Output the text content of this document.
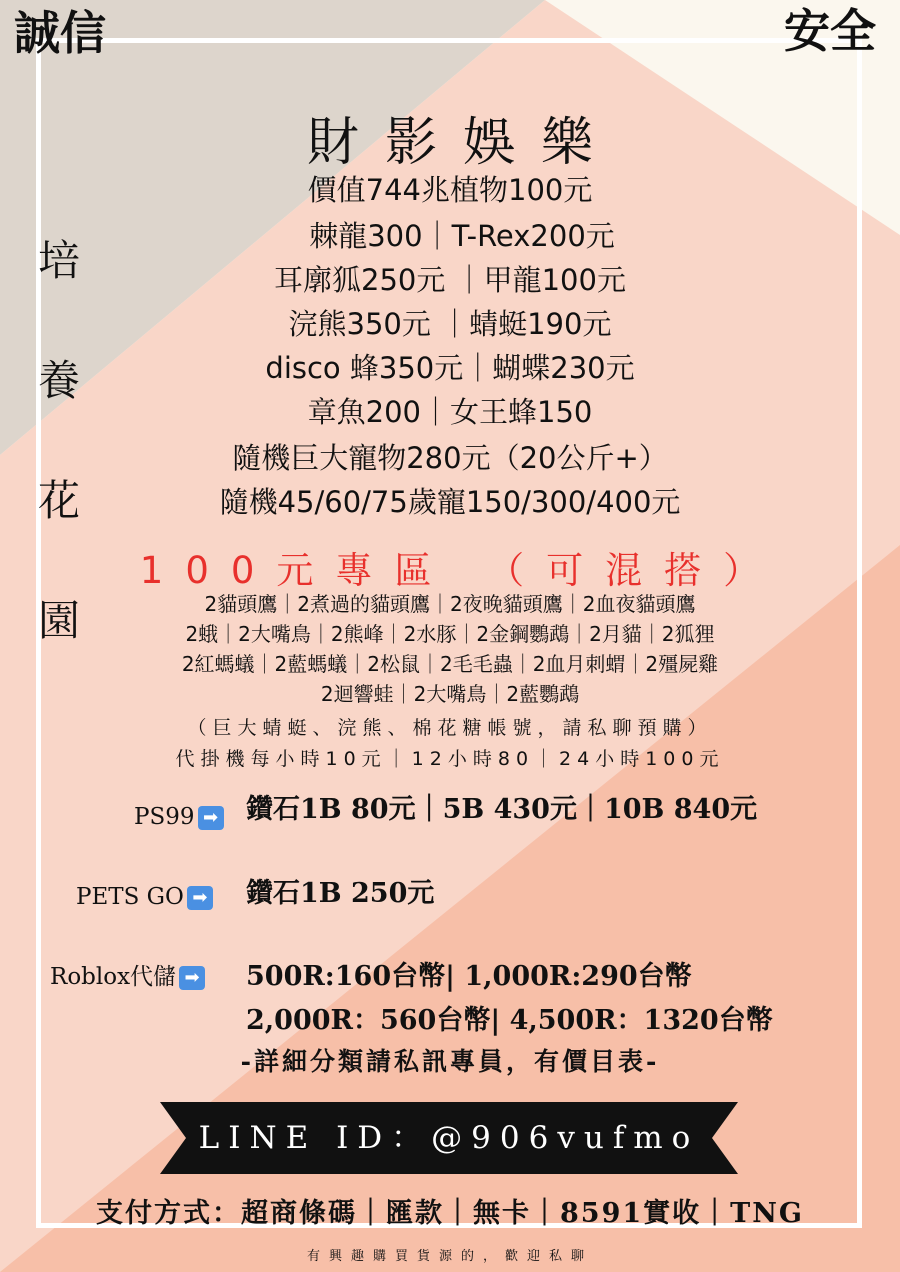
誠信	安全
培
養
花
園
財影娛樂
價值744兆植物100元
棘龍300｜T-Rex200元
耳廓狐250元 ｜甲龍100元
浣熊350元 ｜蜻蜓190元
disco 蜂350元｜蝴蝶230元
章魚200｜女王蜂150
隨機巨大寵物280元（20公斤+）
隨機45/60/75歲寵150/300/400元
100元專區 （可混搭）
2貓頭鷹｜2煮過的貓頭鷹｜2夜晚貓頭鷹｜2血夜貓頭鷹
2蛾｜2大嘴鳥｜2熊峰｜2水豚｜2金鋼鸚鵡｜2月貓｜2狐狸
2紅螞蟻｜2藍螞蟻｜2松鼠｜2毛毛蟲｜2血月刺蝟｜2殭屍雞
2迴響蛙｜2大嘴鳥｜2藍鸚鵡
（巨大蜻蜓、浣熊、棉花糖帳號，請私聊預購）
代掛機每小時10元｜12小時80｜24小時100元
PS99 ➡ 鑽石1B 80元｜5B 430元｜10B 840元
PETS GO ➡ 鑽石1B 250元
Roblox代儲 ➡ 500R:160台幣| 1,000R:290台幣
2,000R：560台幣| 4,500R：1320台幣
-詳細分類請私訊專員，有價目表-
LINE ID：@906vufmo
支付方式：超商條碼｜匯款｜無卡｜8591實收｜TNG
有興趣購買貨源的，歡迎私聊
